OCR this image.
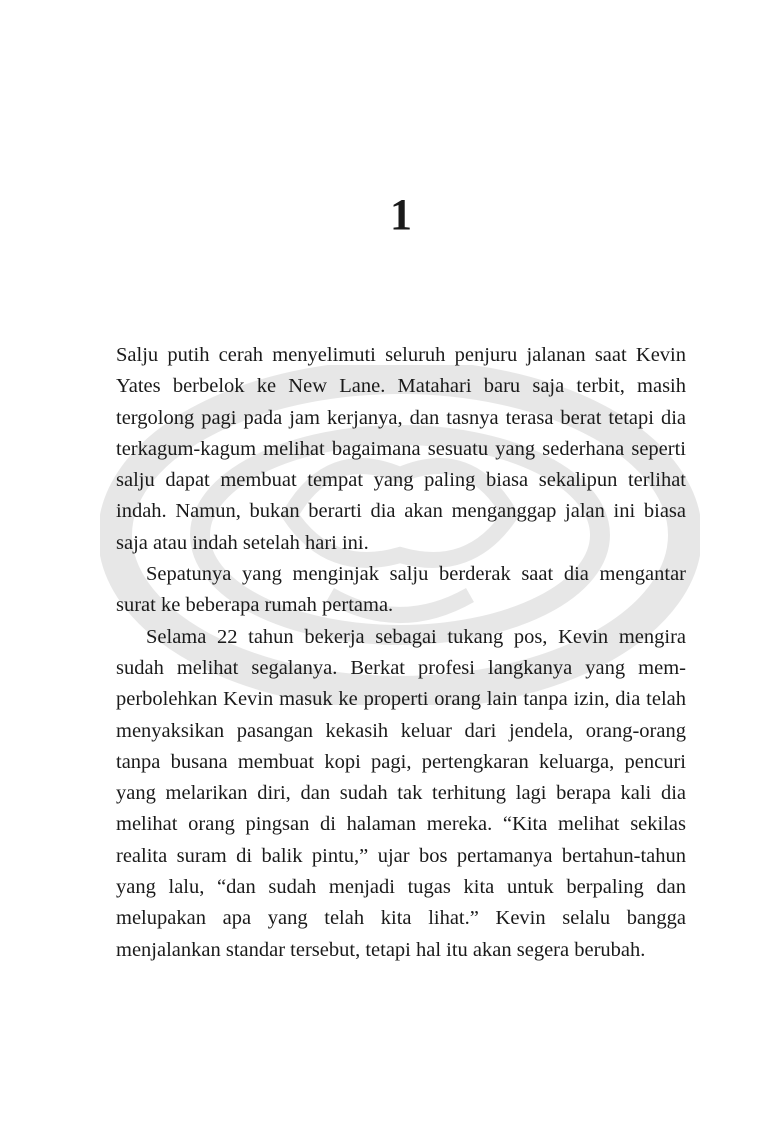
1

Salju putih cerah menyelimuti seluruh penjuru jalanan saat Kevin Yates berbelok ke New Lane. Matahari baru saja terbit, masih tergolong pagi pada jam kerjanya, dan tasnya terasa berat tetapi dia terkagum-kagum melihat bagaimana sesuatu yang sederhana seperti salju dapat membuat tempat yang paling biasa sekalipun terlihat indah. Namun, bukan berarti dia akan menganggap jalan ini biasa saja atau indah setelah hari ini.

Sepatunya yang menginjak salju berderak saat dia mengantar surat ke beberapa rumah pertama.

Selama 22 tahun bekerja sebagai tukang pos, Kevin mengira sudah melihat segalanya. Berkat profesi langkanya yang memperbolehkan Kevin masuk ke properti orang lain tanpa izin, dia telah menyaksikan pasangan kekasih keluar dari jendela, orang-orang tanpa busana membuat kopi pagi, pertengkaran keluarga, pencuri yang melarikan diri, dan sudah tak terhitung lagi berapa kali dia melihat orang pingsan di halaman mereka. “Kita melihat sekilas realita suram di balik pintu,” ujar bos pertamanya bertahun-tahun yang lalu, “dan sudah menjadi tugas kita untuk berpaling dan melupakan apa yang telah kita lihat.” Kevin selalu bangga menjalankan standar tersebut, tetapi hal itu akan segera berubah.
